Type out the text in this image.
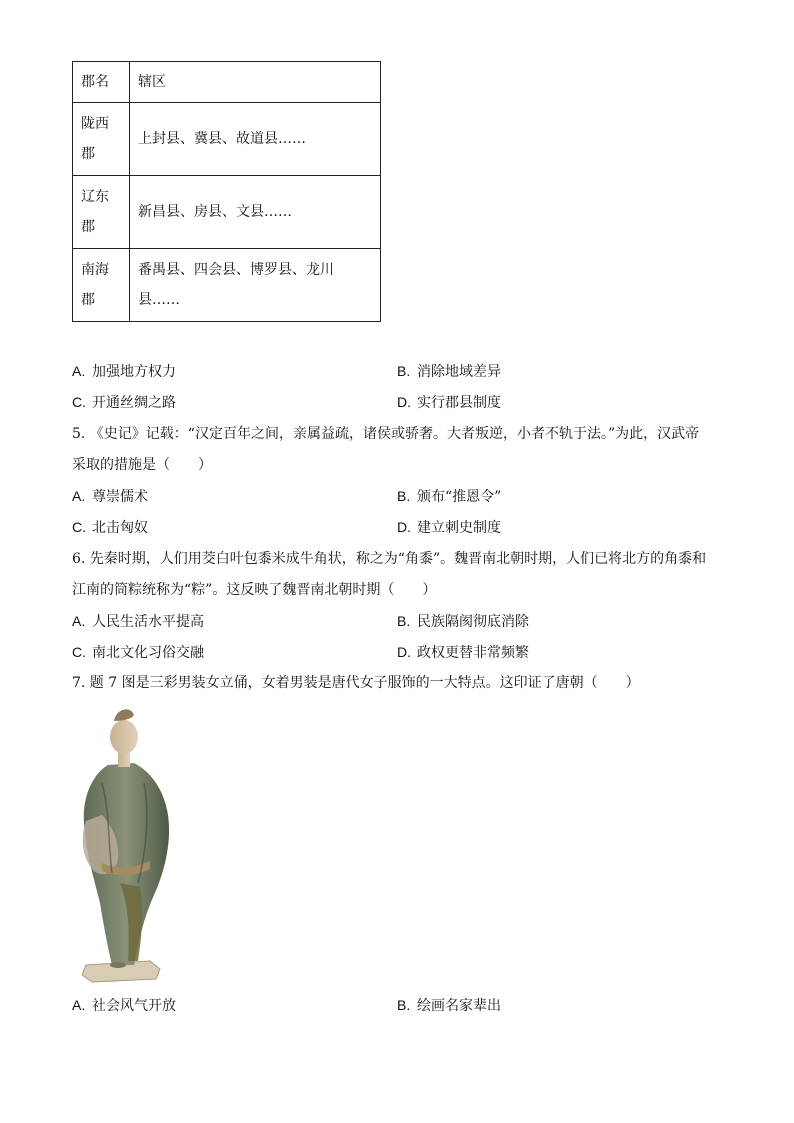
郡名	辖区
陇西
郡	上封县、冀县、故道县……
辽东
郡	新昌县、房县、文县……
南海
郡	番禺县、四会县、博罗县、龙川
县……
A. 加强地方权力	B. 消除地域差异
C. 开通丝绸之路	D. 实行郡县制度
5. 《史记》记载：“汉定百年之间，亲属益疏，诸侯或骄奢。大者叛逆，小者不轨于法。”为此，汉武帝
采取的措施是（　　）
A. 尊崇儒术	B. 颁布“推恩令”
C. 北击匈奴	D. 建立刺史制度
6. 先秦时期，人们用茭白叶包黍米成牛角状，称之为“角黍”。魏晋南北朝时期，人们已将北方的角黍和
江南的筒粽统称为“粽”。这反映了魏晋南北朝时期（　　）
A. 人民生活水平提高	B. 民族隔阂彻底消除
C. 南北文化习俗交融	D. 政权更替非常频繁
7. 题 7 图是三彩男装女立俑，女着男装是唐代女子服饰的一大特点。这印证了唐朝（　　）
A. 社会风气开放	B. 绘画名家辈出
